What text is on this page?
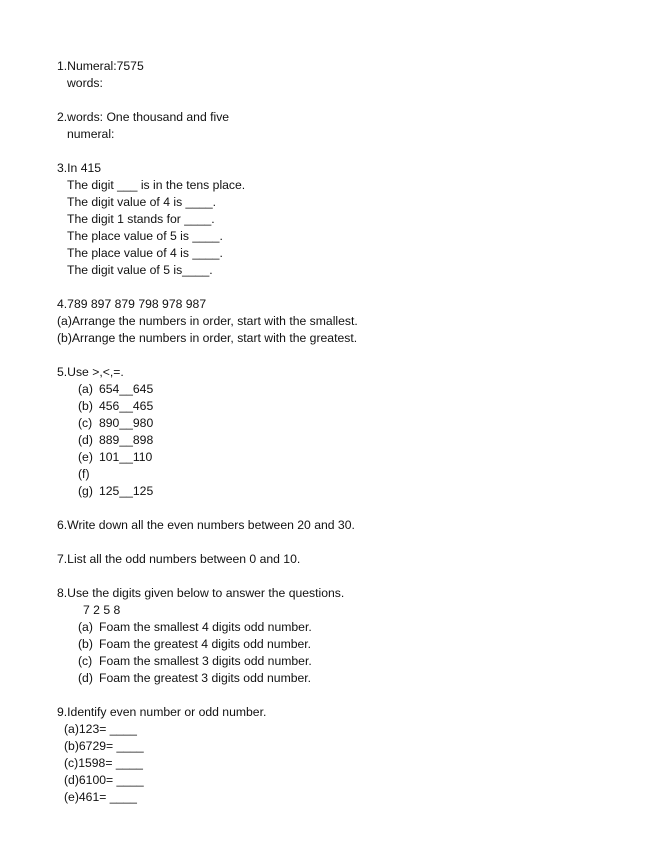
1.Numeral:7575
words:
2.words: One thousand and five
numeral:
3.In 415
The digit ___ is in the tens place.
The digit value of 4 is ____.
The digit 1 stands for ____.
The place value of 5 is ____.
The place value of 4 is ____.
The digit value of 5 is____.
4.789 897 879 798 978 987
(a)Arrange the numbers in order, start with the smallest.
(b)Arrange the numbers in order, start with the greatest.
5.Use >,<,=.
(a) 654__645
(b) 456__465
(c) 890__980
(d) 889__898
(e) 101__110
(f)
(g) 125__125
6.Write down all the even numbers between 20 and 30.
7.List all the odd numbers between 0 and 10.
8.Use the digits given below to answer the questions.
7 2 5 8
(a) Foam the smallest 4 digits odd number.
(b) Foam the greatest 4 digits odd number.
(c) Foam the smallest 3 digits odd number.
(d) Foam the greatest 3 digits odd number.
9.Identify even number or odd number.
(a)123= ____
(b)6729= ____
(c)1598= ____
(d)6100= ____
(e)461= ____
